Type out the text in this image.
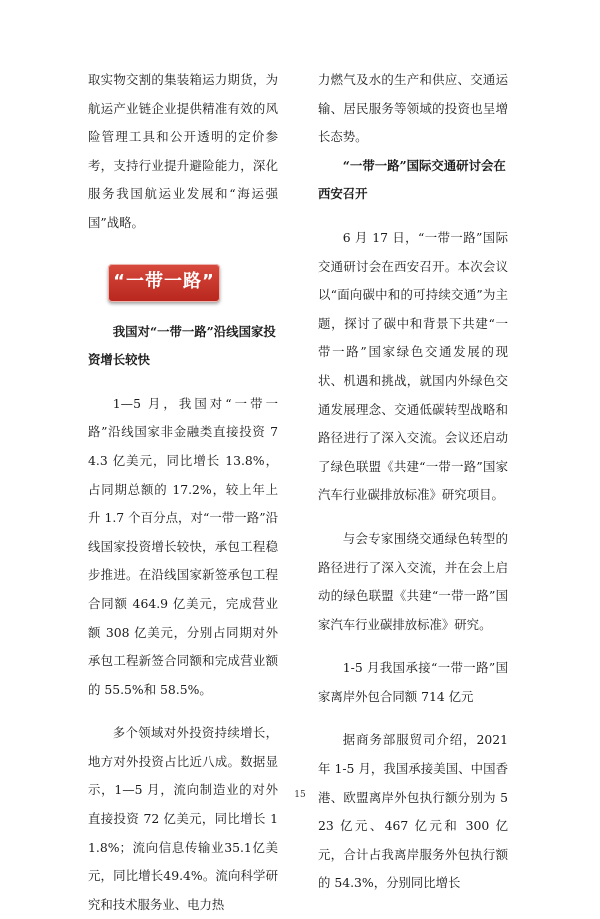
取实物交割的集装箱运力期货，为航运产业链企业提供精准有效的风险管理工具和公开透明的定价参考，支持行业提升避险能力，深化服务我国航运业发展和“海运强国”战略。

“一带一路”

我国对“一带一路”沿线国家投资增长较快

1—5 月，我国对“一带一路”沿线国家非金融类直接投资 74.3 亿美元，同比增长 13.8%，占同期总额的 17.2%，较上年上升 1.7 个百分点，对“一带一路”沿线国家投资增长较快，承包工程稳步推进。在沿线国家新签承包工程合同额 464.9 亿美元，完成营业额 308 亿美元，分别占同期对外承包工程新签合同额和完成营业额的 55.5%和 58.5%。

多个领域对外投资持续增长，地方对外投资占比近八成。数据显示，1—5 月，流向制造业的对外直接投资 72 亿美元，同比增长 11.8%；流向信息传输业35.1亿美元，同比增长49.4%。流向科学研究和技术服务业、电力热

力燃气及水的生产和供应、交通运输、居民服务等领域的投资也呈增长态势。

“一带一路”国际交通研讨会在西安召开

6 月 17 日，“一带一路”国际交通研讨会在西安召开。本次会议以“面向碳中和的可持续交通”为主题，探讨了碳中和背景下共建“一带一路”国家绿色交通发展的现状、机遇和挑战，就国内外绿色交通发展理念、交通低碳转型战略和路径进行了深入交流。会议还启动了绿色联盟《共建“一带一路”国家汽车行业碳排放标准》研究项目。

与会专家围绕交通绿色转型的路径进行了深入交流，并在会上启动的绿色联盟《共建“一带一路”国家汽车行业碳排放标准》研究。

1-5 月我国承接“一带一路”国家离岸外包合同额 714 亿元

据商务部服贸司介绍，2021 年 1-5 月，我国承接美国、中国香港、欧盟离岸外包执行额分别为 523 亿元、467 亿元和 300 亿元，合计占我离岸服务外包执行额的 54.3%，分别同比增长

15
